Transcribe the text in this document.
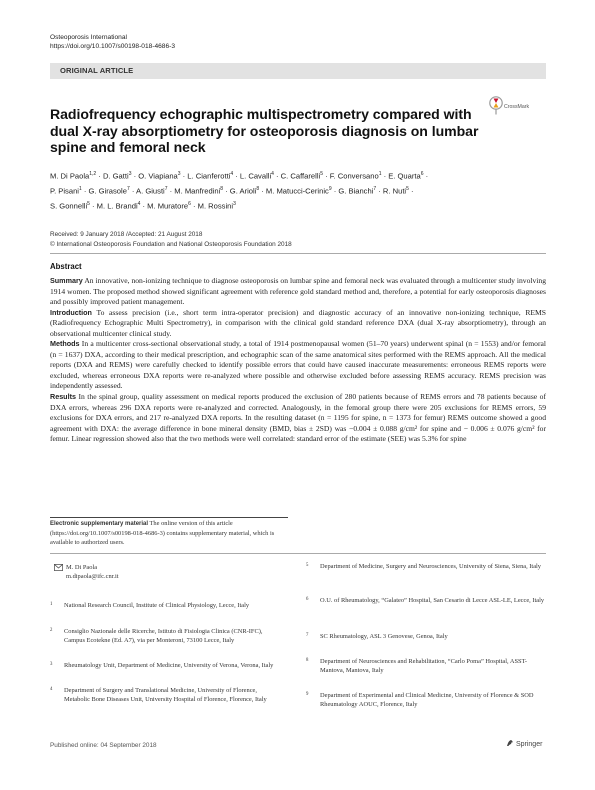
Osteoporosis International
https://doi.org/10.1007/s00198-018-4686-3
ORIGINAL ARTICLE
CrossMark
Radiofrequency echographic multispectrometry compared with dual X-ray absorptiometry for osteoporosis diagnosis on lumbar spine and femoral neck
M. Di Paola$^{1,2}$ · D. Gatti$^3$ · O. Viapiana$^3$ · L. Cianferotti$^4$ · L. Cavalli$^4$ · C. Caffarelli$^5$ · F. Conversano$^1$ · E. Quarta$^6$ ·
P. Pisani$^1$ · G. Girasole$^7$ · A. Giusti$^7$ · M. Manfredini$^8$ · G. Arioli$^8$ · M. Matucci-Cerinic$^9$ · G. Bianchi$^7$ · R. Nuti$^5$ ·
S. Gonnelli$^5$ · M. L. Brandi$^4$ · M. Muratore$^6$ · M. Rossini$^3$
Received: 9 January 2018 /Accepted: 21 August 2018
© International Osteoporosis Foundation and National Osteoporosis Foundation 2018
Abstract

Summary An innovative, non-ionizing technique to diagnose osteoporosis on lumbar spine and femoral neck was evaluated through a multicenter study involving 1914 women. The proposed method showed significant agreement with reference gold standard method and, therefore, a potential for early osteoporosis diagnoses and possibly improved patient management.

Introduction To assess precision (i.e., short term intra-operator precision) and diagnostic accuracy of an innovative non-ionizing technique, REMS (Radiofrequency Echographic Multi Spectrometry), in comparison with the clinical gold standard reference DXA (dual X-ray absorptiometry), through an observational multicenter clinical study.

Methods In a multicenter cross-sectional observational study, a total of 1914 postmenopausal women (51–70 years) underwent spinal (n = 1553) and/or femoral (n = 1637) DXA, according to their medical prescription, and echographic scan of the same anatomical sites performed with the REMS approach. All the medical reports (DXA and REMS) were carefully checked to identify possible errors that could have caused inaccurate measurements: erroneous REMS reports were excluded, whereas erroneous DXA reports were re-analyzed where possible and otherwise excluded before assessing REMS accuracy. REMS precision was independently assessed.

Results In the spinal group, quality assessment on medical reports produced the exclusion of 280 patients because of REMS errors and 78 patients because of DXA errors, whereas 296 DXA reports were re-analyzed and corrected. Analogously, in the femoral group there were 205 exclusions for REMS errors, 59 exclusions for DXA errors, and 217 re-analyzed DXA reports. In the resulting dataset (n = 1195 for spine, n = 1373 for femur) REMS outcome showed a good agreement with DXA: the average difference in bone mineral density (BMD, bias ± 2SD) was −0.004 ± 0.088 g/cm² for spine and − 0.006 ± 0.076 g/cm² for femur. Linear regression showed also that the two methods were well correlated: standard error of the estimate (SEE) was 5.3% for spine

Electronic supplementary material The online version of this article (https://doi.org/10.1007/s00198-018-4686-3) contains supplementary material, which is available to authorized users.
M. Di Paola
m.dipaola@ifc.cnr.it
1 National Research Council, Institute of Clinical Physiology, Lecce, Italy
2 Consiglio Nazionale delle Ricerche, Istituto di Fisiologia Clinica (CNR-IFC), Campus Ecotekne (Ed. A7), via per Monteroni, 73100 Lecce, Italy
3 Rheumatology Unit, Department of Medicine, University of Verona, Verona, Italy
4 Department of Surgery and Translational Medicine, University of Florence, Metabolic Bone Diseases Unit, University Hospital of Florence, Florence, Italy
5 Department of Medicine, Surgery and Neurosciences, University of Siena, Siena, Italy
6 O.U. of Rheumatology, “Galateo” Hospital, San Cesario di Lecce ASL-LE, Lecce, Italy
7 SC Rheumatology, ASL 3 Genovese, Genoa, Italy
8 Department of Neurosciences and Rehabilitation, “Carlo Poma” Hospital, ASST-Mantova, Mantova, Italy
9 Department of Experimental and Clinical Medicine, University of Florence & SOD Rheumatology AOUC, Florence, Italy
Published online: 04 September 2018	Springer
